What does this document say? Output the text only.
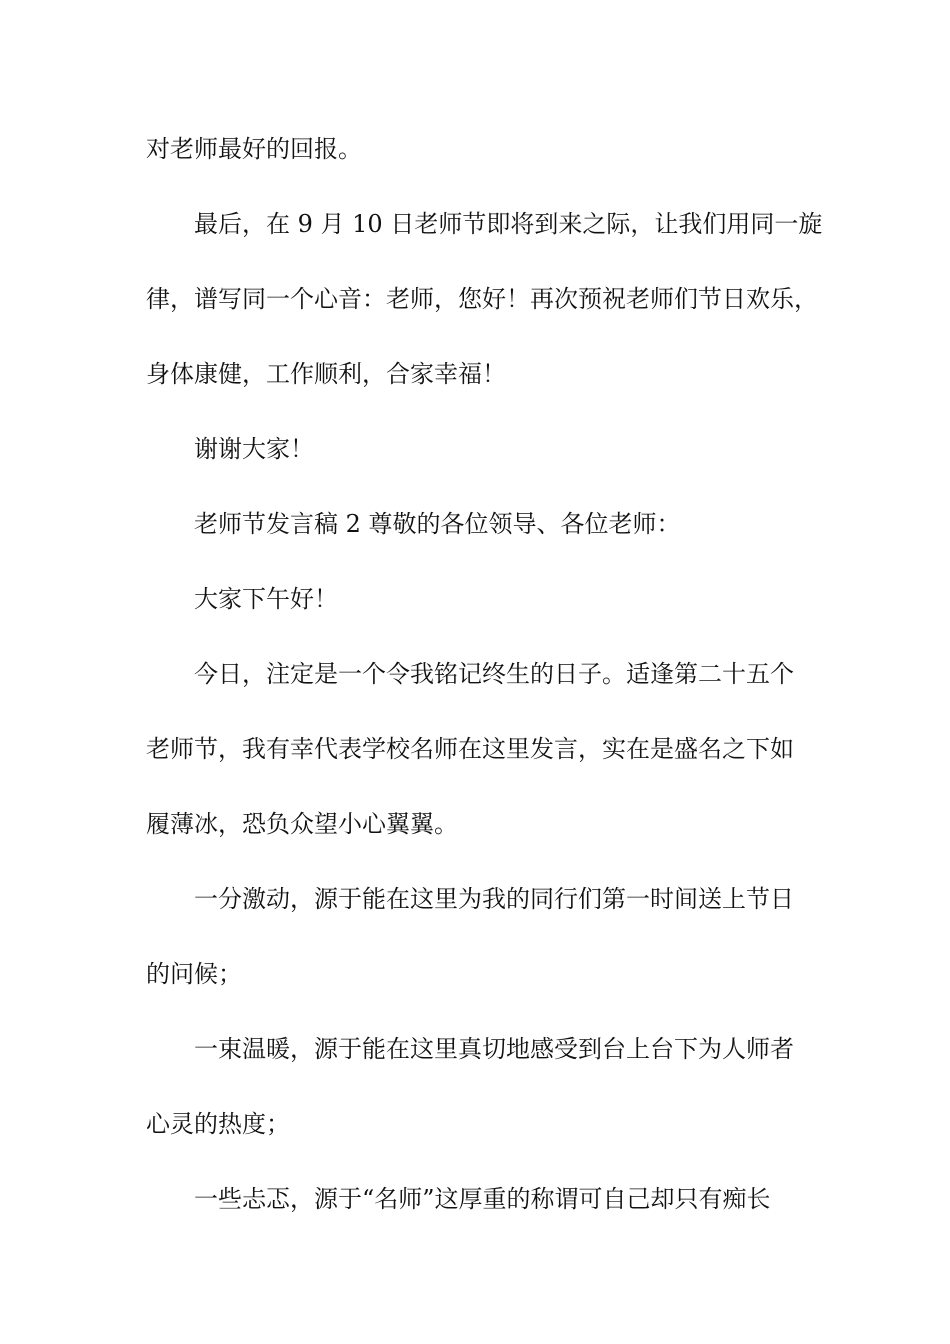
对老师最好的回报。
最后，在 9 月 10 日老师节即将到来之际，让我们用同一旋
律，谱写同一个心音：老师，您好！再次预祝老师们节日欢乐，
身体康健，工作顺利，合家幸福！
谢谢大家！
老师节发言稿 2 尊敬的各位领导、各位老师：
大家下午好！
今日，注定是一个令我铭记终生的日子。适逢第二十五个
老师节，我有幸代表学校名师在这里发言，实在是盛名之下如
履薄冰，恐负众望小心翼翼。
一分激动，源于能在这里为我的同行们第一时间送上节日
的问候；
一束温暖，源于能在这里真切地感受到台上台下为人师者
心灵的热度；
一些忐忑，源于“名师”这厚重的称谓可自己却只有痴长
